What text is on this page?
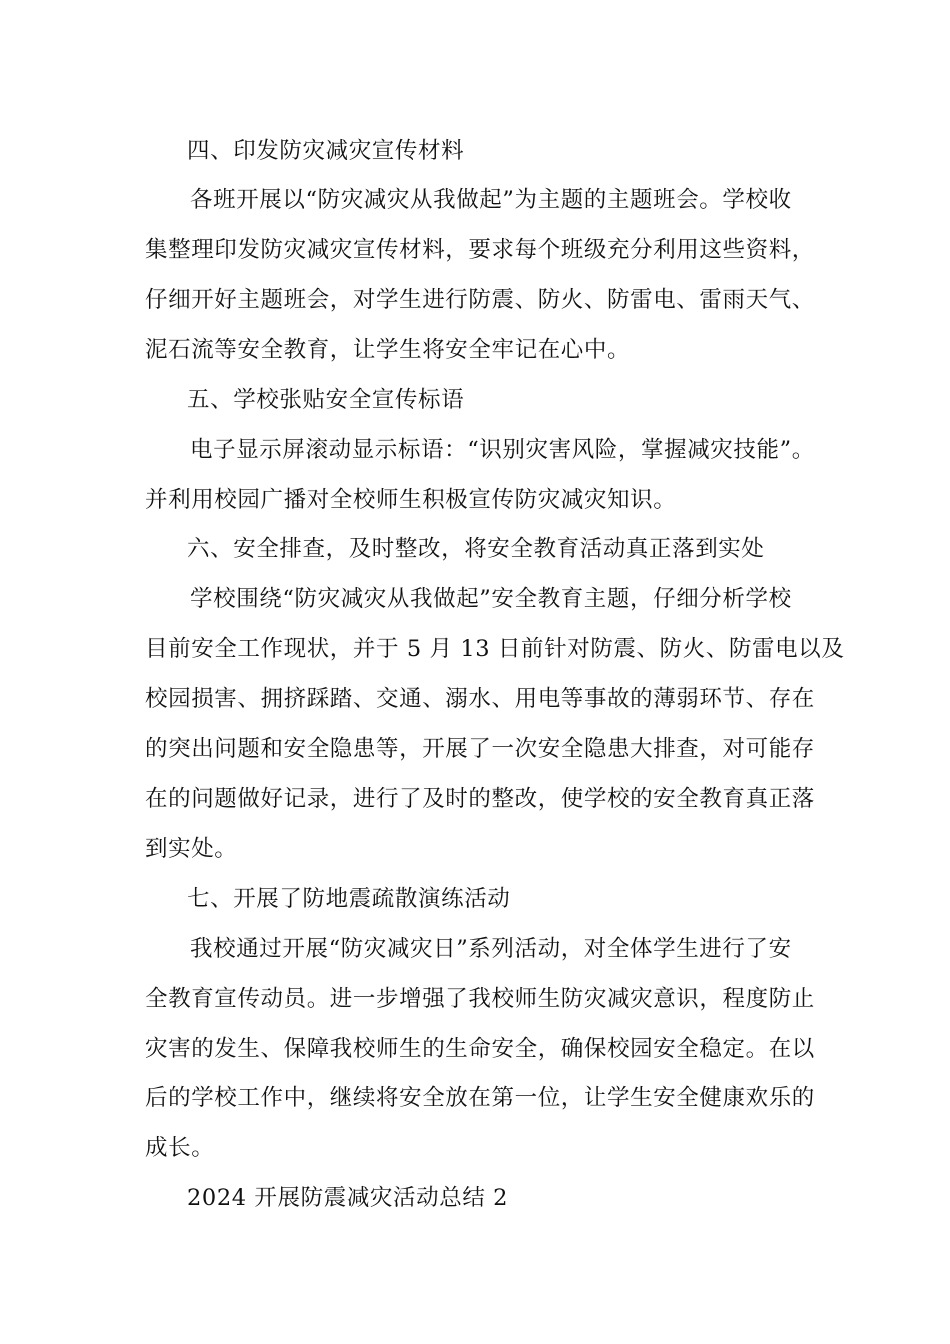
四、印发防灾减灾宣传材料
各班开展以“防灾减灾从我做起”为主题的主题班会。学校收
集整理印发防灾减灾宣传材料，要求每个班级充分利用这些资料，
仔细开好主题班会，对学生进行防震、防火、防雷电、雷雨天气、
泥石流等安全教育，让学生将安全牢记在心中。
五、学校张贴安全宣传标语
电子显示屏滚动显示标语：“识别灾害风险，掌握减灾技能”。
并利用校园广播对全校师生积极宣传防灾减灾知识。
六、安全排查，及时整改，将安全教育活动真正落到实处
学校围绕“防灾减灾从我做起”安全教育主题，仔细分析学校
目前安全工作现状，并于 5 月 13 日前针对防震、防火、防雷电以及
校园损害、拥挤踩踏、交通、溺水、用电等事故的薄弱环节、存在
的突出问题和安全隐患等，开展了一次安全隐患大排查，对可能存
在的问题做好记录，进行了及时的整改，使学校的安全教育真正落
到实处。
七、开展了防地震疏散演练活动
我校通过开展“防灾减灾日”系列活动，对全体学生进行了安
全教育宣传动员。进一步增强了我校师生防灾减灾意识，程度防止
灾害的发生、保障我校师生的生命安全，确保校园安全稳定。在以
后的学校工作中，继续将安全放在第一位，让学生安全健康欢乐的
成长。
2024 开展防震减灾活动总结 2
